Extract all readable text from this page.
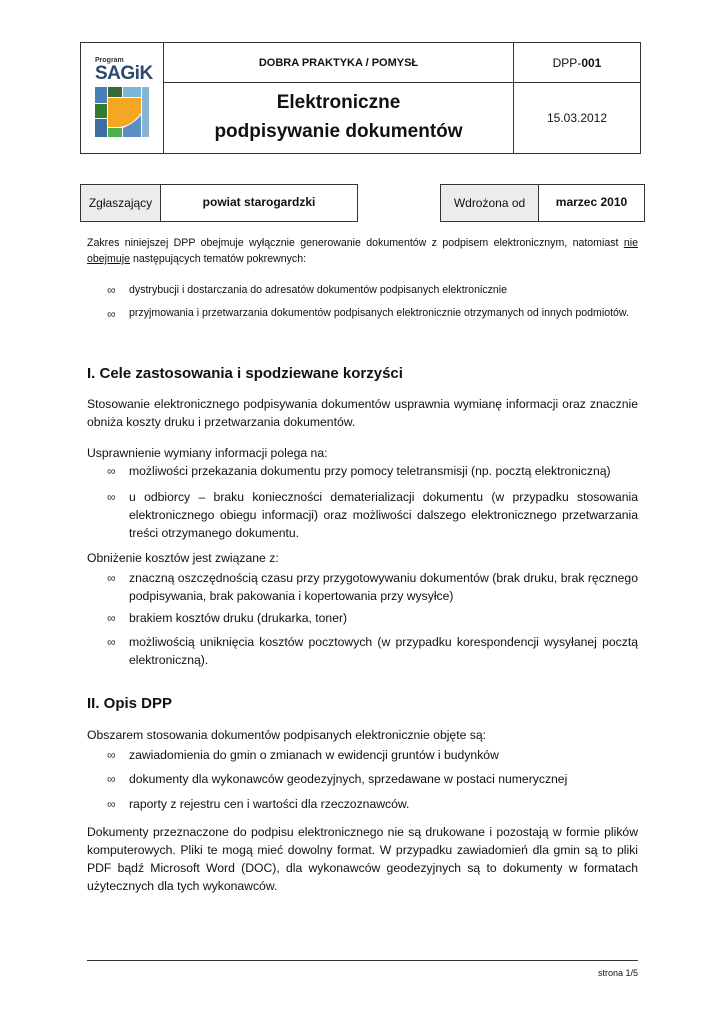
Program
SAGiK
DOBRA PRAKTYKA / POMYSŁ
Elektroniczne
podpisywanie dokumentów
DPP- 001
15.03.2012
Zgłaszający	powiat starogardzki	Wdrożona od	marzec 2010
Zakres niniejszej DPP obejmuje wyłącznie generowanie dokumentów z podpisem elektronicznym, natomiast nie obejmuje następujących tematów pokrewnych:
∞ dystrybucji i dostarczania do adresatów dokumentów podpisanych elektronicznie
∞ przyjmowania i przetwarzania dokumentów podpisanych elektronicznie otrzymanych od innych podmiotów.
I. Cele zastosowania i spodziewane korzyści
Stosowanie elektronicznego podpisywania dokumentów usprawnia wymianę informacji oraz znacznie obniża koszty druku i przetwarzania dokumentów.
Usprawnienie wymiany informacji polega na:
∞ możliwości przekazania dokumentu przy pomocy teletransmisji (np. pocztą elektroniczną)
∞ u odbiorcy – braku konieczności dematerializacji dokumentu (w przypadku stosowania elektronicznego obiegu informacji) oraz możliwości dalszego elektronicznego przetwarzania treści otrzymanego dokumentu.
Obniżenie kosztów jest związane z:
∞ znaczną oszczędnością czasu przy przygotowywaniu dokumentów (brak druku, brak ręcznego podpisywania, brak pakowania i kopertowania przy wysyłce)
∞ brakiem kosztów druku (drukarka, toner)
∞ możliwością uniknięcia kosztów pocztowych (w przypadku korespondencji wysyłanej pocztą elektroniczną).
II. Opis DPP
Obszarem stosowania dokumentów podpisanych elektronicznie objęte są:
∞ zawiadomienia do gmin o zmianach w ewidencji gruntów i budynków
∞ dokumenty dla wykonawców geodezyjnych, sprzedawane w postaci numerycznej
∞ raporty z rejestru cen i wartości dla rzeczoznawców.
Dokumenty przeznaczone do podpisu elektronicznego nie są drukowane i pozostają w formie plików komputerowych. Pliki te mogą mieć dowolny format. W przypadku zawiadomień dla gmin są to pliki PDF bądź Microsoft Word (DOC), dla wykonawców geodezyjnych są to dokumenty w formatach użytecznych dla tych wykonawców.
strona 1/5
